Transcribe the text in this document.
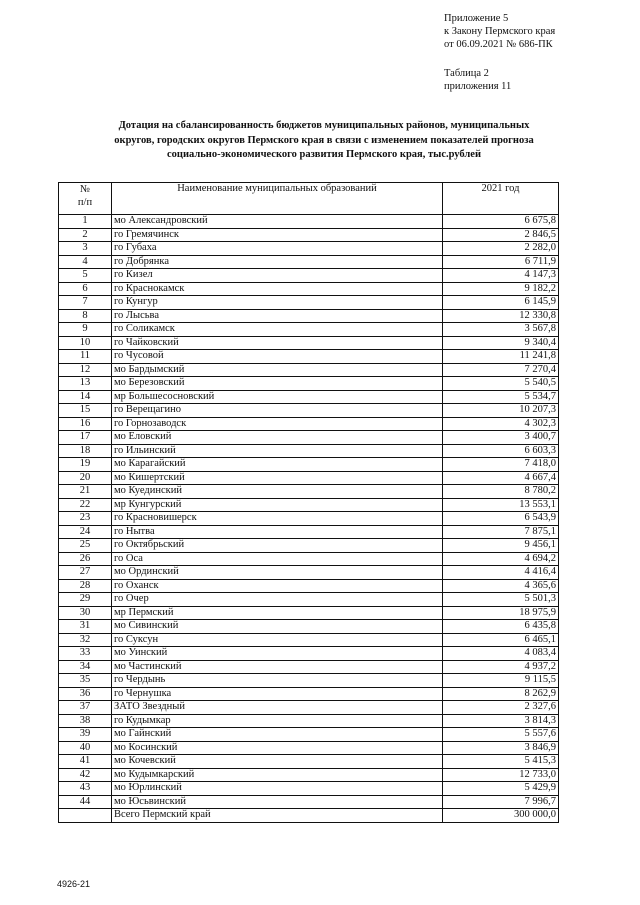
Приложение 5
к Закону Пермского края
от 06.09.2021 № 686-ПК
Таблица 2
приложения 11
Дотация на сбалансированность бюджетов муниципальных районов, муниципальных
округов, городских округов Пермского края в связи с изменением показателей прогноза
социально-экономического развития Пермского края, тыс.рублей
№
п/п	Наименование муниципальных образований	2021 год
1	мо Александровский	6 675,8
2	го Гремячинск	2 846,5
3	го Губаха	2 282,0
4	го Добрянка	6 711,9
5	го Кизел	4 147,3
6	го Краснокамск	9 182,2
7	го Кунгур	6 145,9
8	го Лысьва	12 330,8
9	го Соликамск	3 567,8
10	го Чайковский	9 340,4
11	го Чусовой	11 241,8
12	мо Бардымский	7 270,4
13	мо Березовский	5 540,5
14	мр Большесосновский	5 534,7
15	го Верещагино	10 207,3
16	го Горнозаводск	4 302,3
17	мо Еловский	3 400,7
18	го Ильинский	6 603,3
19	мо Карагайский	7 418,0
20	мо Кишертский	4 667,4
21	мо Куединский	8 780,2
22	мр Кунгурский	13 553,1
23	го Красновишерск	6 543,9
24	го Нытва	7 875,1
25	го Октябрьский	9 456,1
26	го Оса	4 694,2
27	мо Ординский	4 416,4
28	го Оханск	4 365,6
29	го Очер	5 501,3
30	мр Пермский	18 975,9
31	мо Сивинский	6 435,8
32	го Суксун	6 465,1
33	мо Уинский	4 083,4
34	мо Частинский	4 937,2
35	го Чердынь	9 115,5
36	го Чернушка	8 262,9
37	ЗАТО Звездный	2 327,6
38	го Кудымкар	3 814,3
39	мо Гайнский	5 557,6
40	мо Косинский	3 846,9
41	мо Кочевский	5 415,3
42	мо Кудымкарский	12 733,0
43	мо Юрлинский	5 429,9
44	мо Юсьвинский	7 996,7
	Всего Пермский край	300 000,0
4926-21
